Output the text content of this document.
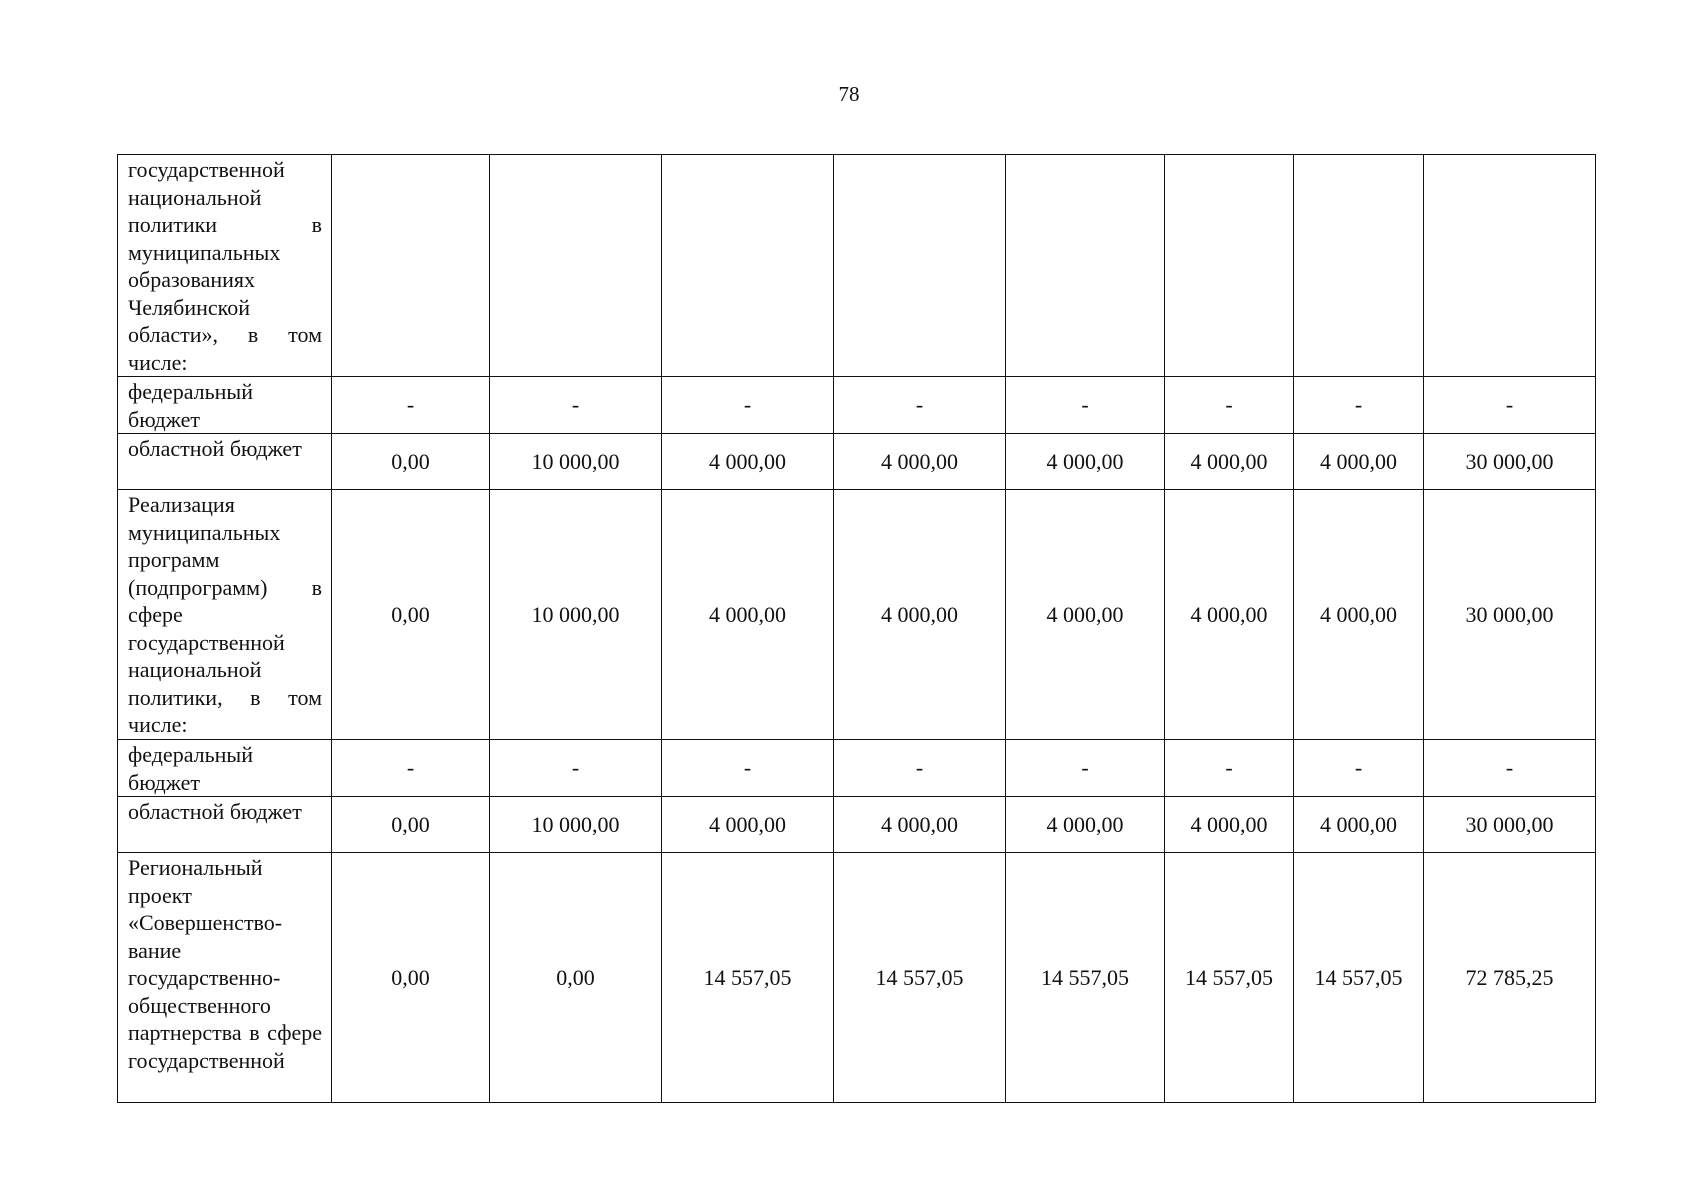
78
государственной национальной политики в муниципальных образованиях Челябинской области», в том числе:								
федеральный бюджет	-	-	-	-	-	-	-	-
областной бюджет	0,00	10 000,00	4 000,00	4 000,00	4 000,00	4 000,00	4 000,00	30 000,00
Реализация муниципальных программ (подпрограмм) в сфере государственной национальной политики, в том числе:	0,00	10 000,00	4 000,00	4 000,00	4 000,00	4 000,00	4 000,00	30 000,00
федеральный бюджет	-	-	-	-	-	-	-	-
областной бюджет	0,00	10 000,00	4 000,00	4 000,00	4 000,00	4 000,00	4 000,00	30 000,00
Региональный проект «Совершенство-вание государственно-общественного партнерства в сфере государственной	0,00	0,00	14 557,05	14 557,05	14 557,05	14 557,05	14 557,05	72 785,25
